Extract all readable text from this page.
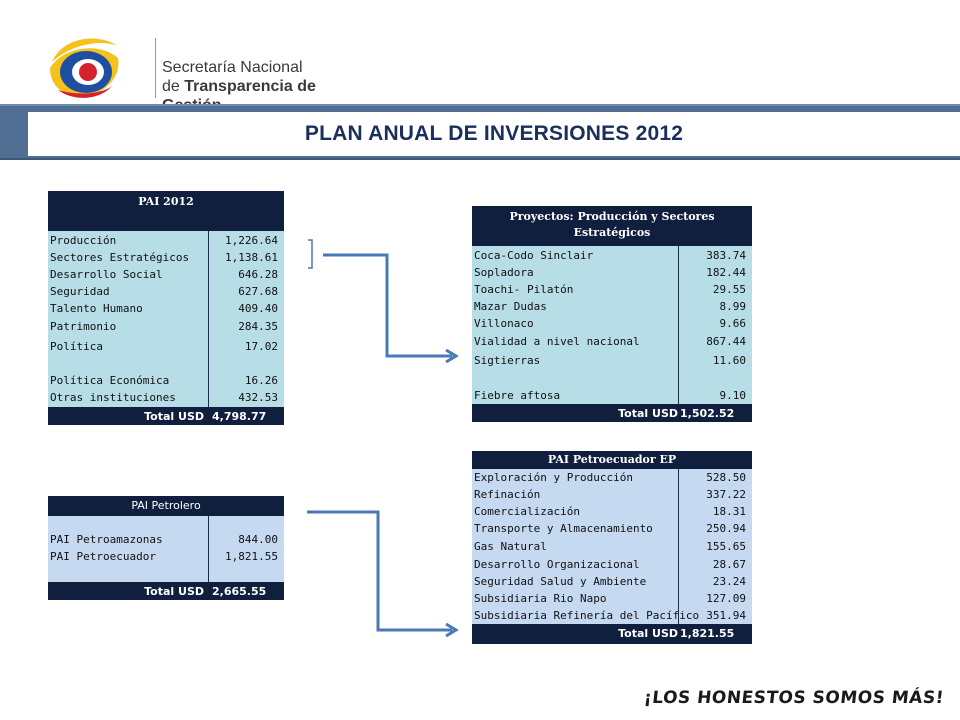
Secretaría Nacional
de Transparencia de
PLAN ANUAL DE INVERSIONES 2012
PAI 2012
Producción	1,226.64
Sectores Estratégicos	1,138.61
Desarrollo Social	646.28
Seguridad	627.68
Talento Humano	409.40
Patrimonio	284.35
Política	17.02
Política Económica	16.26
Otras instituciones	432.53
Total USD 4,798.77
Proyectos: Producción y Sectores Estratégicos
Coca-Codo Sinclair	383.74
Sopladora	182.44
Toachi- Pilatón	29.55
Mazar Dudas	8.99
Villonaco	9.66
Vialidad a nivel nacional	867.44
Sigtierras	11.60
Fiebre aftosa	9.10
Total USD 1,502.52
PAI Petrolero
PAI Petroamazonas	844.00
PAI Petroecuador	1,821.55
Total USD 2,665.55
PAI Petroecuador EP
Exploración y Producción	528.50
Refinación	337.22
Comercialización	18.31
Transporte y Almacenamiento	250.94
Gas Natural	155.65
Desarrollo Organizacional	28.67
Seguridad Salud y Ambiente	23.24
Subsidiaria Rio Napo	127.09
Subsidiaria Refinería del Pacífico 351.94
Total USD 1,821.55
¡LOS HONESTOS SOMOS MÁS!
